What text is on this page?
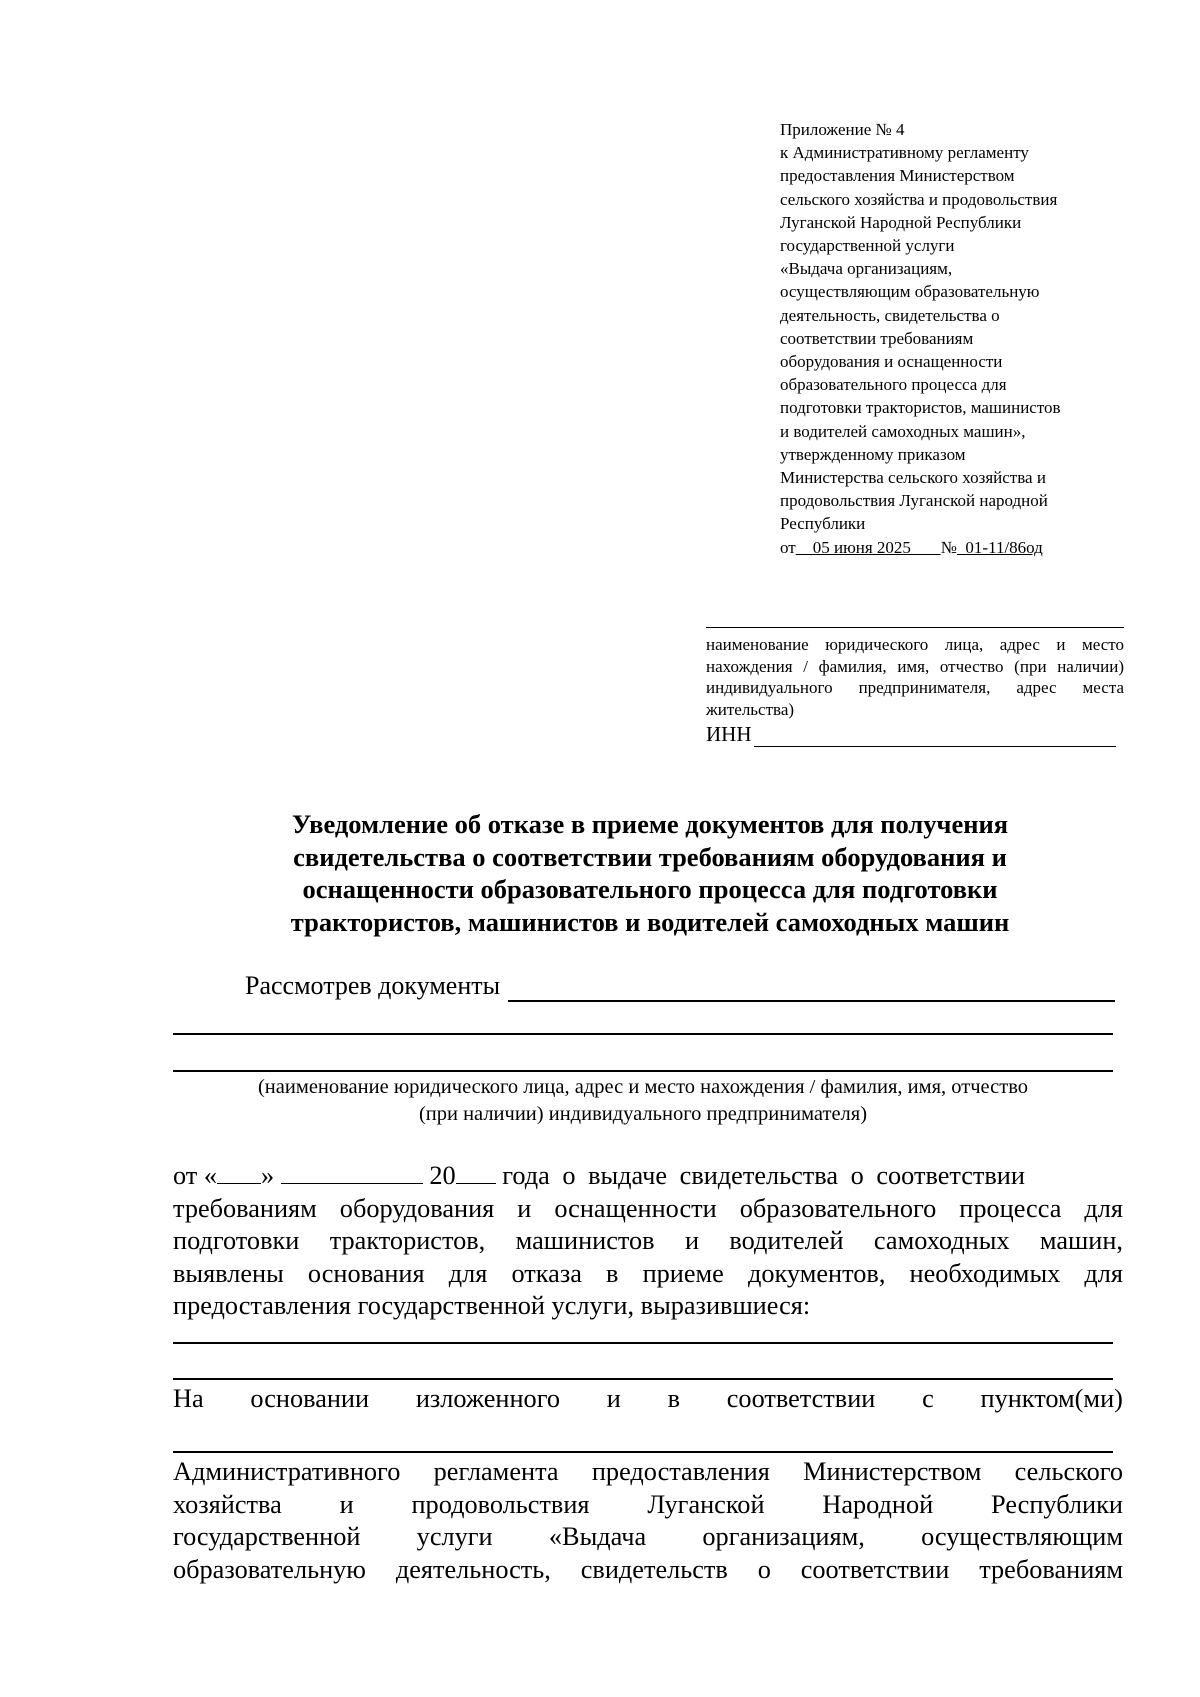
Приложение № 4
к Административному регламенту
предоставления Министерством
сельского хозяйства и продовольствия
Луганской Народной Республики
государственной услуги
«Выдача организациям,
осуществляющим образовательную
деятельность, свидетельства о
соответствии требованиям
оборудования и оснащенности
образовательного процесса для
подготовки трактористов, машинистов
и водителей самоходных машин»,
утвержденному приказом
Министерства сельского хозяйства и
продовольствия Луганской народной
Республики
от 05 июня 2025 № 01-11/86од
наименование юридического лица, адрес и место нахождения / фамилия, имя, отчество (при наличии) индивидуального предпринимателя, адрес места жительства)
ИНН
Уведомление об отказе в приеме документов для получения
свидетельства о соответствии требованиям оборудования и
оснащенности образовательного процесса для подготовки
трактористов, машинистов и водителей самоходных машин
Рассмотрев документы
(наименование юридического лица, адрес и место нахождения / фамилия, имя, отчество
(при наличии) индивидуального предпринимателя)
от « »	20 года о выдаче свидетельства о соответствии
требованиям оборудования и оснащенности образовательного процесса для
подготовки трактористов, машинистов и водителей самоходных машин,
выявлены основания для отказа в приеме документов, необходимых для
предоставления государственной услуги, выразившиеся:
На основании изложенного и в соответствии с пунктом(ми)
Административного регламента предоставления Министерством сельского
хозяйства и продовольствия Луганской Народной Республики
государственной услуги «Выдача организациям, осуществляющим
образовательную деятельность, свидетельств о соответствии требованиям
